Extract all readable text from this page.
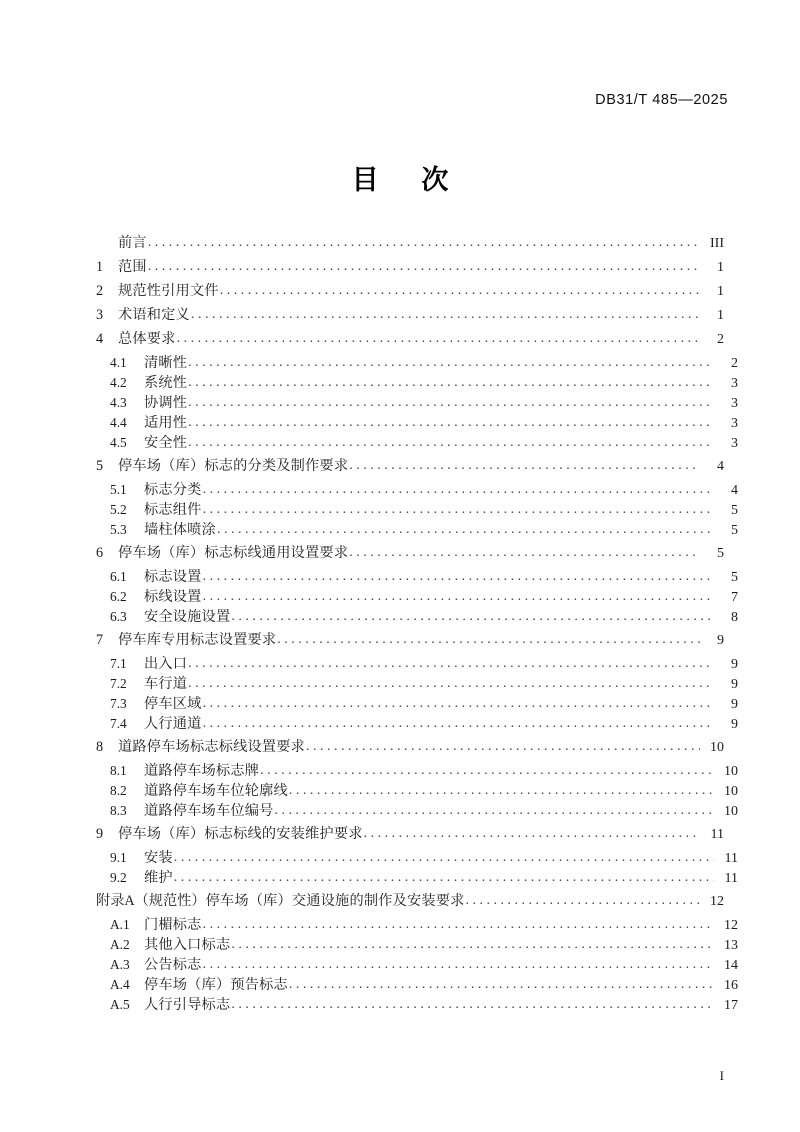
DB31/T 485—2025
目 次
前言 . . .	III
1	范围 . . .	1
2	规范性引用文件 . . .	1
3	术语和定义 . . .	1
4	总体要求 . . .	2
4.1	清晰性 . . .	2
4.2	系统性 . . .	3
4.3	协调性 . . .	3
4.4	适用性 . . .	3
4.5	安全性 . . .	3
5	停车场（库）标志的分类及制作要求 . . .	4
5.1	标志分类 . . .	4
5.2	标志组件 . . .	5
5.3	墙柱体喷涂 . . .	5
6	停车场（库）标志标线通用设置要求 . . .	5
6.1	标志设置 . . .	5
6.2	标线设置 . . .	7
6.3	安全设施设置 . . .	8
7	停车库专用标志设置要求 . . .	9
7.1	出入口 . . .	9
7.2	车行道 . . .	9
7.3	停车区域 . . .	9
7.4	人行通道 . . .	9
8	道路停车场标志标线设置要求 . . .	10
8.1	道路停车场标志牌 . . .	10
8.2	道路停车场车位轮廓线 . . .	10
8.3	道路停车场车位编号 . . .	10
9	停车场（库）标志标线的安装维护要求 . . .	11
9.1	安装 . . .	11
9.2	维护 . . .	11
附录A（规范性） 停车场（库）交通设施的制作及安装要求 . . .	12
A.1	门楣标志 . . .	12
A.2	其他入口标志 . . .	13
A.3	公告标志 . . .	14
A.4	停车场（库）预告标志 . . .	16
A.5	人行引导标志 . . .	17
I
